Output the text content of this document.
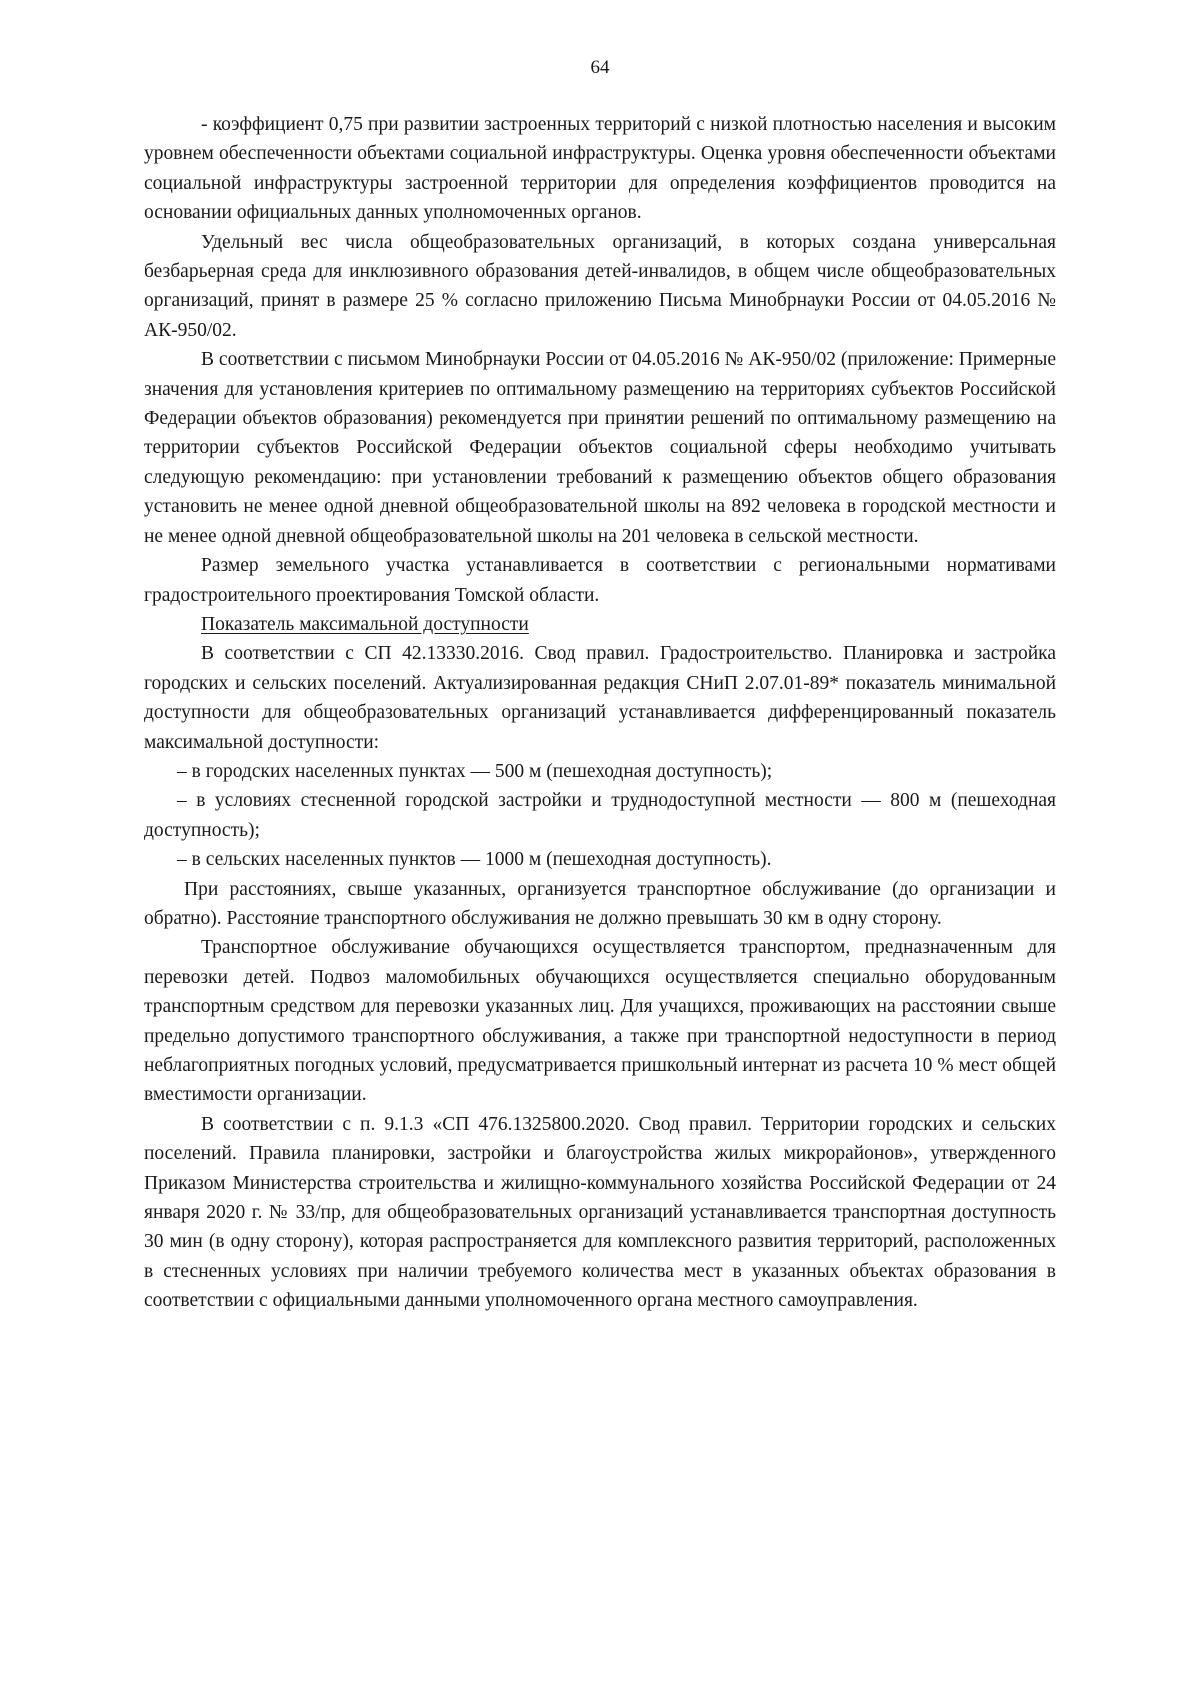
64

- коэффициент 0,75 при развитии застроенных территорий с низкой плотностью населения и высоким уровнем обеспеченности объектами социальной инфраструктуры. Оценка уровня обеспеченности объектами социальной инфраструктуры застроенной территории для определения коэффициентов проводится на основании официальных данных уполномоченных органов.

Удельный вес числа общеобразовательных организаций, в которых создана универсальная безбарьерная среда для инклюзивного образования детей-инвалидов, в общем числе общеобразовательных организаций, принят в размере 25 % согласно приложению Письма Минобрнауки России от 04.05.2016 № АК-950/02.

В соответствии с письмом Минобрнауки России от 04.05.2016 № АК-950/02 (приложение: Примерные значения для установления критериев по оптимальному размещению на территориях субъектов Российской Федерации объектов образования) рекомендуется при принятии решений по оптимальному размещению на территории субъектов Российской Федерации объектов социальной сферы необходимо учитывать следующую рекомендацию: при установлении требований к размещению объектов общего образования установить не менее одной дневной общеобразовательной школы на 892 человека в городской местности и не менее одной дневной общеобразовательной школы на 201 человека в сельской местности.

Размер земельного участка устанавливается в соответствии с региональными нормативами градостроительного проектирования Томской области.

Показатель максимальной доступности

В соответствии с СП 42.13330.2016. Свод правил. Градостроительство. Планировка и застройка городских и сельских поселений. Актуализированная редакция СНиП 2.07.01-89* показатель минимальной доступности для общеобразовательных организаций устанавливается дифференцированный показатель максимальной доступности:

– в городских населенных пунктах — 500 м (пешеходная доступность);

– в условиях стесненной городской застройки и труднодоступной местности — 800 м (пешеходная доступность);

– в сельских населенных пунктов — 1000 м (пешеходная доступность).

При расстояниях, свыше указанных, организуется транспортное обслуживание (до организации и обратно). Расстояние транспортного обслуживания не должно превышать 30 км в одну сторону.

Транспортное обслуживание обучающихся осуществляется транспортом, предназначенным для перевозки детей. Подвоз маломобильных обучающихся осуществляется специально оборудованным транспортным средством для перевозки указанных лиц. Для учащихся, проживающих на расстоянии свыше предельно допустимого транспортного обслуживания, а также при транспортной недоступности в период неблагоприятных погодных условий, предусматривается пришкольный интернат из расчета 10 % мест общей вместимости организации.

В соответствии с п. 9.1.3 «СП 476.1325800.2020. Свод правил. Территории городских и сельских поселений. Правила планировки, застройки и благоустройства жилых микрорайонов», утвержденного Приказом Министерства строительства и жилищно-коммунального хозяйства Российской Федерации от 24 января 2020 г. № 33/пр, для общеобразовательных организаций устанавливается транспортная доступность 30 мин (в одну сторону), которая распространяется для комплексного развития территорий, расположенных в стесненных условиях при наличии требуемого количества мест в указанных объектах образования в соответствии с официальными данными уполномоченного органа местного самоуправления.
